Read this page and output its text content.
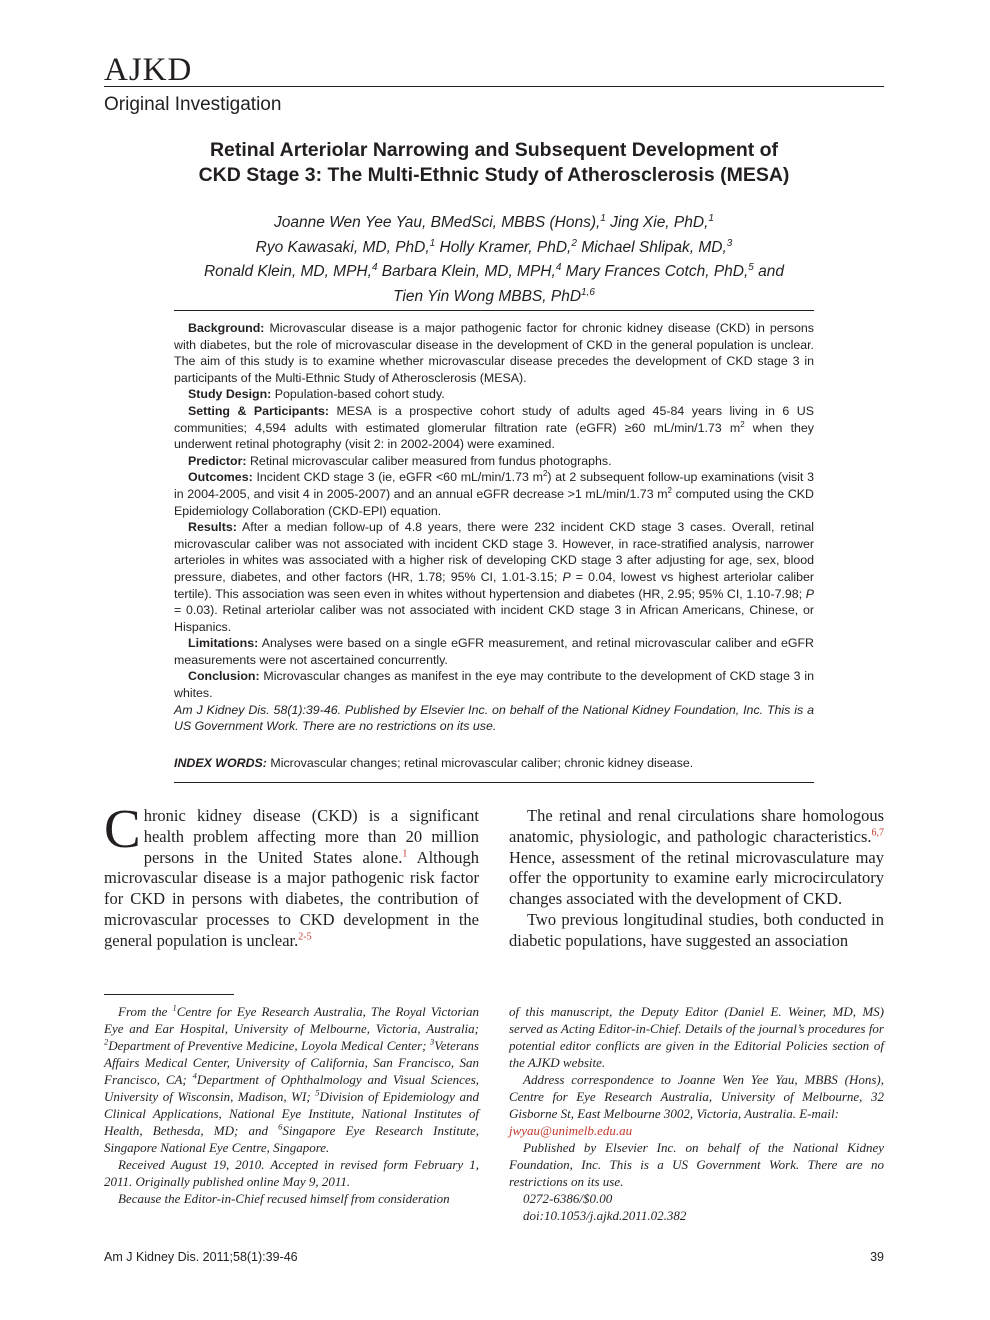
AJKD
Original Investigation
Retinal Arteriolar Narrowing and Subsequent Development of
CKD Stage 3: The Multi-Ethnic Study of Atherosclerosis (MESA)
Joanne Wen Yee Yau, BMedSci, MBBS (Hons),$^1$ Jing Xie, PhD,$^1$
Ryo Kawasaki, MD, PhD,$^1$ Holly Kramer, PhD,$^2$ Michael Shlipak, MD,$^3$
Ronald Klein, MD, MPH,$^4$ Barbara Klein, MD, MPH,$^4$ Mary Frances Cotch, PhD,$^5$ and
Tien Yin Wong MBBS, PhD$^{1,6}$

Background: Microvascular disease is a major pathogenic factor for chronic kidney disease (CKD) in persons with diabetes, but the role of microvascular disease in the development of CKD in the general population is unclear. The aim of this study is to examine whether microvascular disease precedes the development of CKD stage 3 in participants of the Multi-Ethnic Study of Atherosclerosis (MESA).

Study Design: Population-based cohort study.

Setting & Participants: MESA is a prospective cohort study of adults aged 45-84 years living in 6 US communities; 4,594 adults with estimated glomerular filtration rate (eGFR) ≥60 mL/min/1.73 $m^2$ when they underwent retinal photography (visit 2: in 2002-2004) were examined.

Predictor: Retinal microvascular caliber measured from fundus photographs.

Outcomes: Incident CKD stage 3 (ie, eGFR <60 mL/min/1.73 $m^2$) at 2 subsequent follow-up examinations (visit 3 in 2004-2005, and visit 4 in 2005-2007) and an annual eGFR decrease >1 mL/min/1.73 $m^2$ computed using the CKD Epidemiology Collaboration (CKD-EPI) equation.

Results: After a median follow-up of 4.8 years, there were 232 incident CKD stage 3 cases. Overall, retinal microvascular caliber was not associated with incident CKD stage 3. However, in race-stratified analysis, narrower arterioles in whites was associated with a higher risk of developing CKD stage 3 after adjusting for age, sex, blood pressure, diabetes, and other factors (HR, 1.78; 95% CI, 1.01-3.15; P = 0.04, lowest vs highest arteriolar caliber tertile). This association was seen even in whites without hypertension and diabetes (HR, 2.95; 95% CI, 1.10-7.98; P = 0.03). Retinal arteriolar caliber was not associated with incident CKD stage 3 in African Americans, Chinese, or Hispanics.

Limitations: Analyses were based on a single eGFR measurement, and retinal microvascular caliber and eGFR measurements were not ascertained concurrently.

Conclusion: Microvascular changes as manifest in the eye may contribute to the development of CKD stage 3 in whites.

Am J Kidney Dis. 58(1):39-46. Published by Elsevier Inc. on behalf of the National Kidney Foundation, Inc. This is a US Government Work. There are no restrictions on its use.

INDEX WORDS: Microvascular changes; retinal microvascular caliber; chronic kidney disease.

Chronic kidney disease (CKD) is a significant health problem affecting more than 20 million persons in the United States alone.$^1$ Although microvascular disease is a major pathogenic risk factor for CKD in persons with diabetes, the contribution of microvascular processes to CKD development in the general population is unclear.$^{2-5}$

The retinal and renal circulations share homologous anatomic, physiologic, and pathologic characteristics.$^{6,7}$ Hence, assessment of the retinal microvasculature may offer the opportunity to examine early microcirculatory changes associated with the development of CKD.

Two previous longitudinal studies, both conducted in diabetic populations, have suggested an association

From the $^1$Centre for Eye Research Australia, The Royal Victorian Eye and Ear Hospital, University of Melbourne, Victoria, Australia; $^2$Department of Preventive Medicine, Loyola Medical Center; $^3$Veterans Affairs Medical Center, University of California, San Francisco, San Francisco, CA; $^4$Department of Ophthalmology and Visual Sciences, University of Wisconsin, Madison, WI; $^5$Division of Epidemiology and Clinical Applications, National Eye Institute, National Institutes of Health, Bethesda, MD; and $^6$Singapore Eye Research Institute, Singapore National Eye Centre, Singapore.

Received August 19, 2010. Accepted in revised form February 1, 2011. Originally published online May 9, 2011.

Because the Editor-in-Chief recused himself from consideration

of this manuscript, the Deputy Editor (Daniel E. Weiner, MD, MS) served as Acting Editor-in-Chief. Details of the journal’s procedures for potential editor conflicts are given in the Editorial Policies section of the AJKD website.

Address correspondence to Joanne Wen Yee Yau, MBBS (Hons), Centre for Eye Research Australia, University of Melbourne, 32 Gisborne St, East Melbourne 3002, Victoria, Australia. E-mail:

jwyau@unimelb.edu.au

Published by Elsevier Inc. on behalf of the National Kidney Foundation, Inc. This is a US Government Work. There are no restrictions on its use.

0272-6386/$0.00

doi:10.1053/j.ajkd.2011.02.382

Am J Kidney Dis. 2011;58(1):39-46	39
